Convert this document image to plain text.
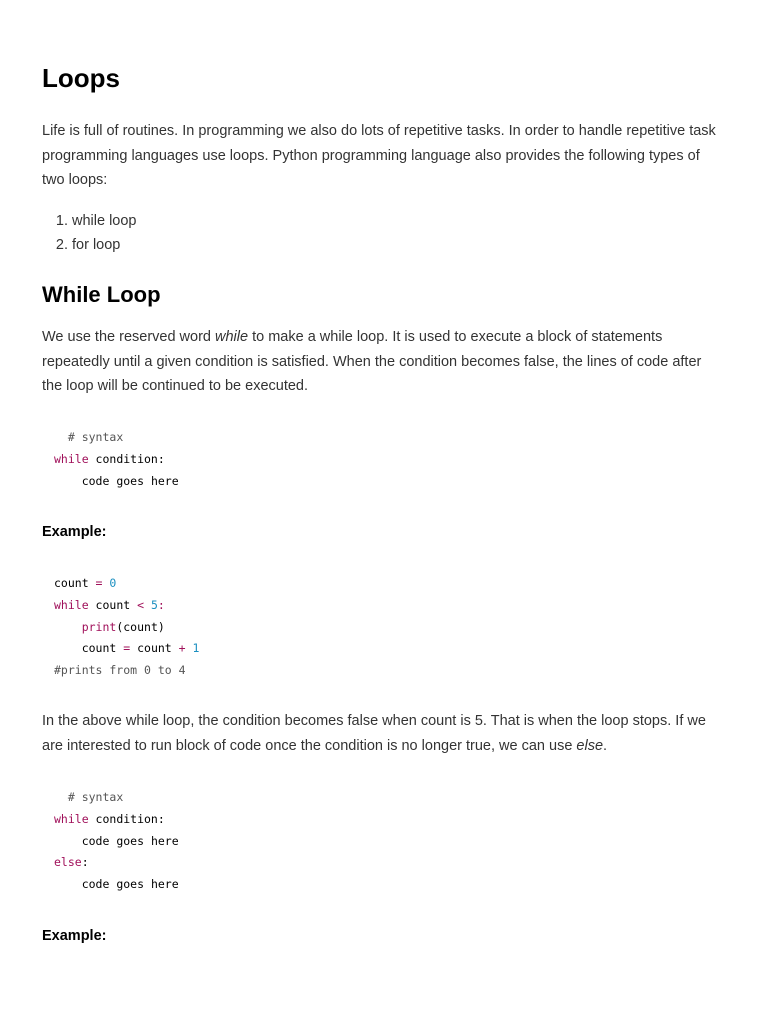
Loops

Life is full of routines. In programming we also do lots of repetitive tasks. In order to handle repetitive task programming languages use loops. Python programming language also provides the following types of two loops:

1. while loop
2. for loop
While Loop

We use the reserved word while to make a while loop. It is used to execute a block of statements repeatedly until a given condition is satisfied. When the condition becomes false, the lines of code after the loop will be continued to be executed.

# syntax
while condition:
code goes here
Example:
count = 0
while count < 5:
print(count)
count = count + 1
#prints from 0 to 4

In the above while loop, the condition becomes false when count is 5. That is when the loop stops. If we are interested to run block of code once the condition is no longer true, we can use else.

# syntax
while condition:
code goes here
else:
code goes here
Example:
